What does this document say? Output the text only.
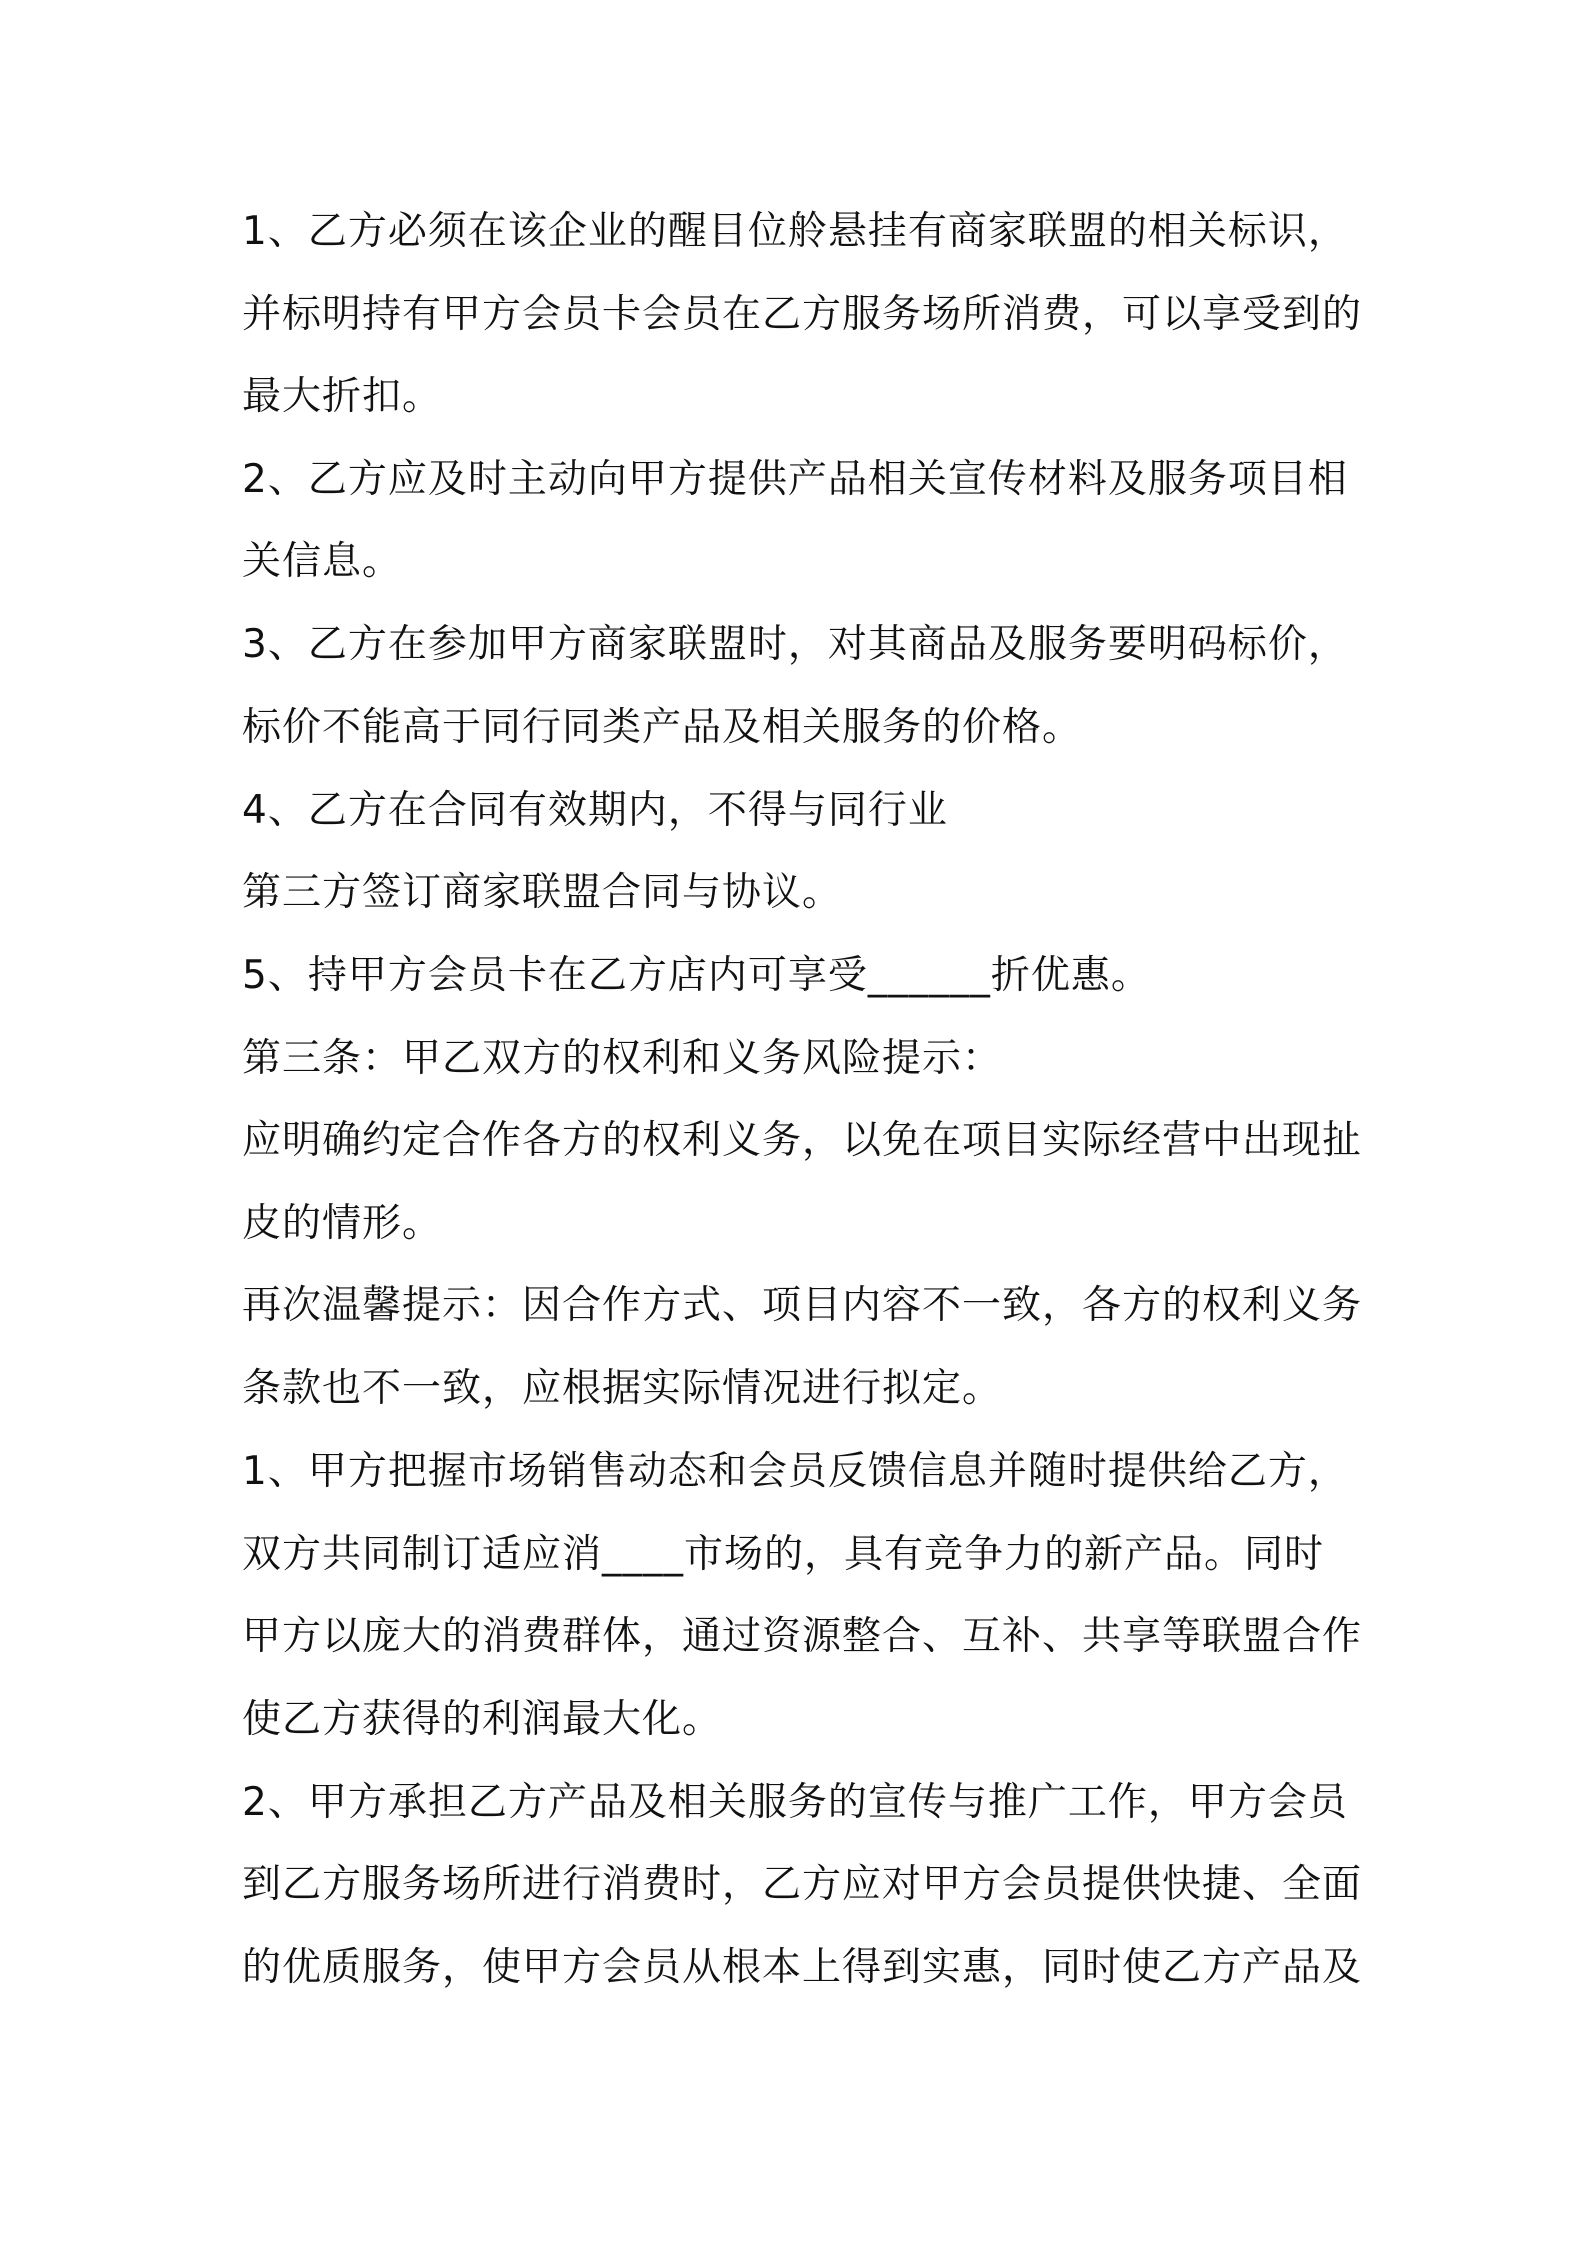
1、乙方必须在该企业的醒目位舲悬挂有商家联盟的相关标识，
并标明持有甲方会员卡会员在乙方服务场所消费，可以享受到的
最大折扣。
2、乙方应及时主动向甲方提供产品相关宣传材料及服务项目相
关信息。
3、乙方在参加甲方商家联盟时，对其商品及服务要明码标价，
标价不能高于同行同类产品及相关服务的价格。
4、乙方在合同有效期内，不得与同行业
第三方签订商家联盟合同与协议。
5、持甲方会员卡在乙方店内可享受______折优惠。
第三条：甲乙双方的权利和义务风险提示：
应明确约定合作各方的权利义务，以免在项目实际经营中出现扯
皮的情形。
再次温馨提示：因合作方式、项目内容不一致，各方的权利义务
条款也不一致，应根据实际情况进行拟定。
1、甲方把握市场销售动态和会员反馈信息并随时提供给乙方，
双方共同制订适应消____市场的，具有竞争力的新产品。同时
甲方以庞大的消费群体，通过资源整合、互补、共享等联盟合作
使乙方获得的利润最大化。
2、甲方承担乙方产品及相关服务的宣传与推广工作，甲方会员
到乙方服务场所进行消费时，乙方应对甲方会员提供快捷、全面
的优质服务，使甲方会员从根本上得到实惠，同时使乙方产品及
